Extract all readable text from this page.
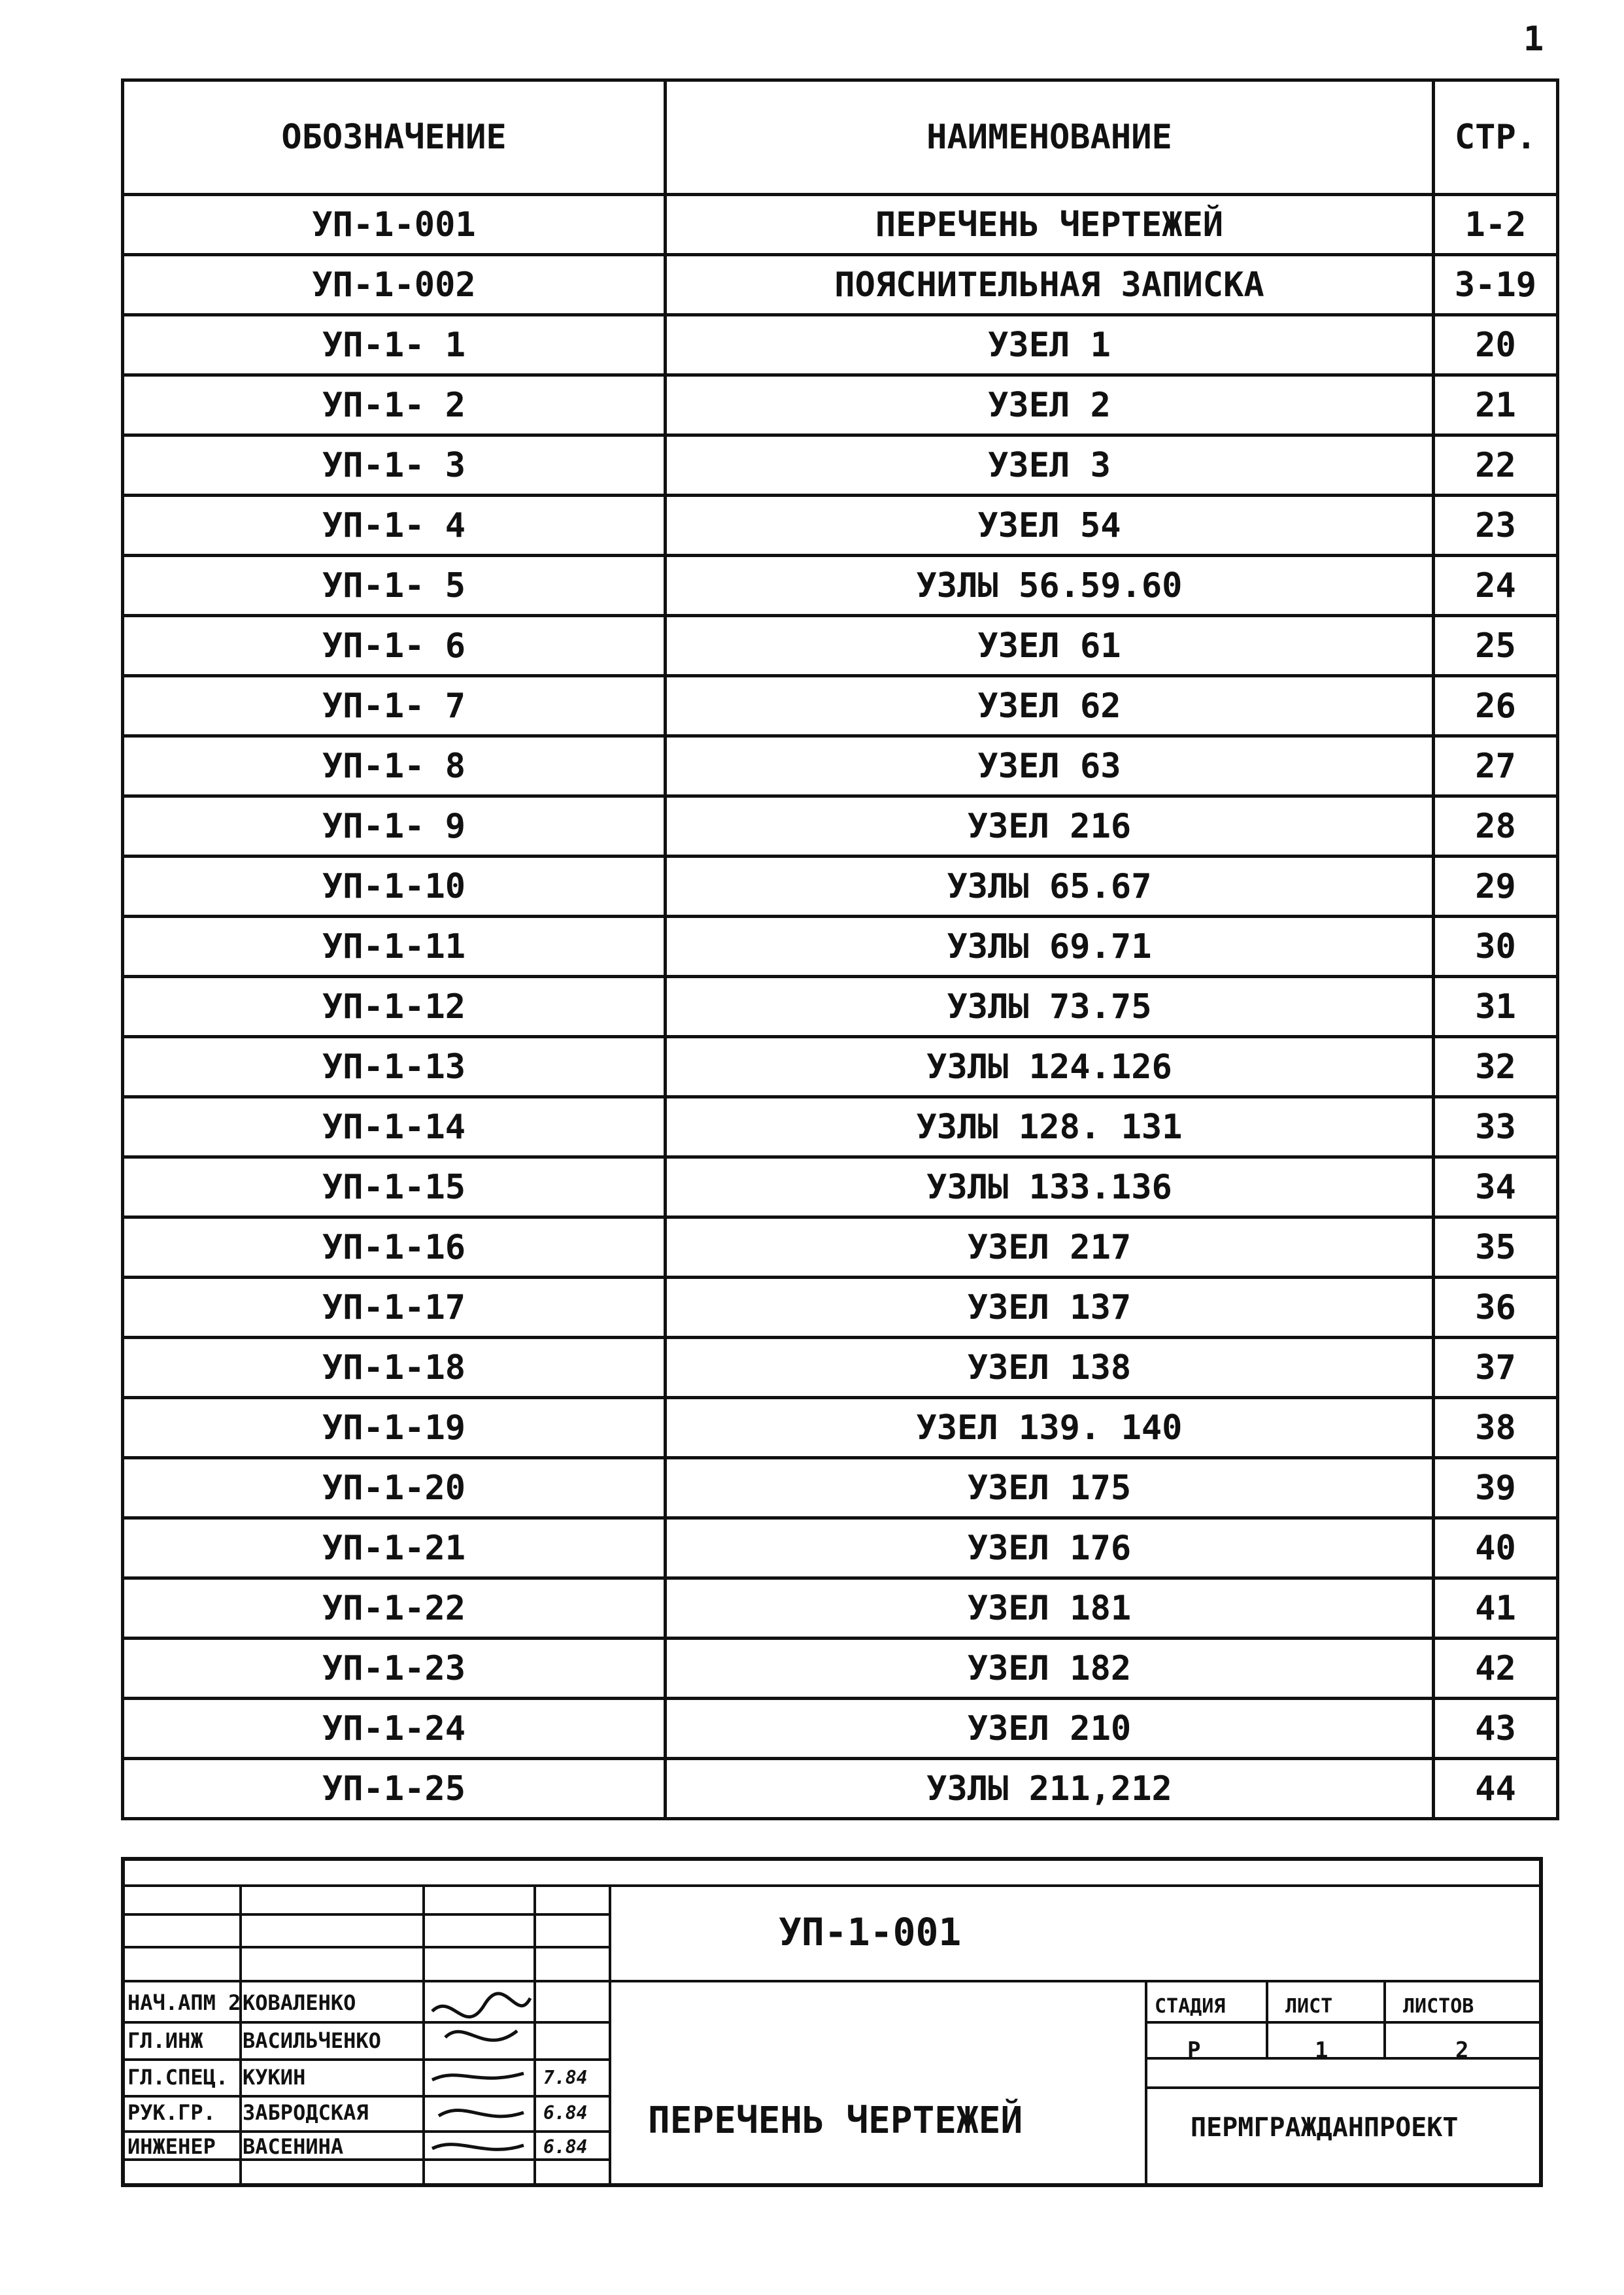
1
ОБОЗНАЧЕНИЕ	НАИМЕНОВАНИЕ	СТР.
УП-1-001	ПЕРЕЧЕНЬ ЧЕРТЕЖЕЙ	1-2
УП-1-002	ПОЯСНИТЕЛЬНАЯ ЗАПИСКА	3-19
УП-1- 1	УЗЕЛ 1	20
УП-1- 2	УЗЕЛ 2	21
УП-1- 3	УЗЕЛ 3	22
УП-1- 4	УЗЕЛ 54	23
УП-1- 5	УЗЛЫ 56.59.60	24
УП-1- 6	УЗЕЛ 61	25
УП-1- 7	УЗЕЛ 62	26
УП-1- 8	УЗЕЛ 63	27
УП-1- 9	УЗЕЛ 216	28
УП-1-10	УЗЛЫ 65.67	29
УП-1-11	УЗЛЫ 69.71	30
УП-1-12	УЗЛЫ 73.75	31
УП-1-13	УЗЛЫ 124.126	32
УП-1-14	УЗЛЫ 128. 131	33
УП-1-15	УЗЛЫ 133.136	34
УП-1-16	УЗЕЛ 217	35
УП-1-17	УЗЕЛ 137	36
УП-1-18	УЗЕЛ 138	37
УП-1-19	УЗЕЛ 139. 140	38
УП-1-20	УЗЕЛ 175	39
УП-1-21	УЗЕЛ 176	40
УП-1-22	УЗЕЛ 181	41
УП-1-23	УЗЕЛ 182	42
УП-1-24	УЗЕЛ 210	43
УП-1-25	УЗЛЫ 211,212	44
УП-1-001
ПЕРЕЧЕНЬ ЧЕРТЕЖЕЙ	ПЕРМГРАЖДАНПРОЕКТ
СТАДИЯ	ЛИСТ	ЛИСТОВ
Р	1	2
НАЧ.АПМ 2 КОВАЛЕНКО
ГЛ.ИНЖ ВАСИЛЬЧЕНКО
ГЛ.СПЕЦ. КУКИН	7.84
РУК.ГР. ЗАБРОДСКАЯ	6.84
ИНЖЕНЕР ВАСЕНИНА	6.84
